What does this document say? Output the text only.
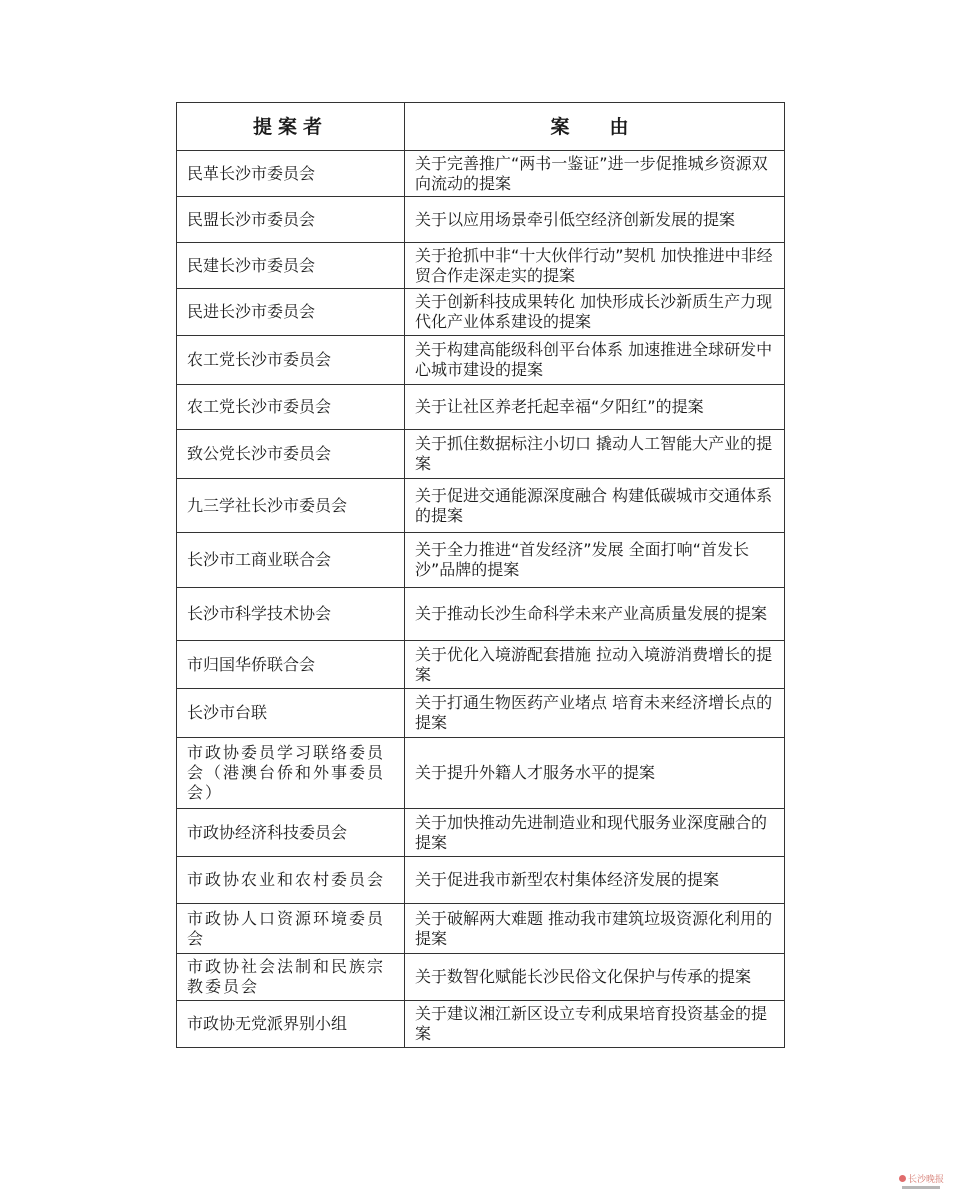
提案者	案由
民革长沙市委员会	关于完善推广“两书一鉴证”进一步促推城乡资源双向流动的提案
民盟长沙市委员会	关于以应用场景牵引低空经济创新发展的提案
民建长沙市委员会	关于抢抓中非“十大伙伴行动”契机 加快推进中非经贸合作走深走实的提案
民进长沙市委员会	关于创新科技成果转化 加快形成长沙新质生产力现代化产业体系建设的提案
农工党长沙市委员会	关于构建高能级科创平台体系 加速推进全球研发中心城市建设的提案
农工党长沙市委员会	关于让社区养老托起幸福“夕阳红”的提案
致公党长沙市委员会	关于抓住数据标注小切口 撬动人工智能大产业的提案
九三学社长沙市委员会	关于促进交通能源深度融合 构建低碳城市交通体系的提案
长沙市工商业联合会	关于全力推进“首发经济”发展 全面打响“首发长沙”品牌的提案
长沙市科学技术协会	关于推动长沙生命科学未来产业高质量发展的提案
市归国华侨联合会	关于优化入境游配套措施 拉动入境游消费增长的提案
长沙市台联	关于打通生物医药产业堵点 培育未来经济增长点的提案
市政协委员学习联络委员会（港澳台侨和外事委员会）	关于提升外籍人才服务水平的提案
市政协经济科技委员会	关于加快推动先进制造业和现代服务业深度融合的提案
市政协农业和农村委员会	关于促进我市新型农村集体经济发展的提案
市政协人口资源环境委员会	关于破解两大难题 推动我市建筑垃圾资源化利用的提案
市政协社会法制和民族宗教委员会	关于数智化赋能长沙民俗文化保护与传承的提案
市政协无党派界别小组	关于建议湘江新区设立专利成果培育投资基金的提案
长沙晚报
